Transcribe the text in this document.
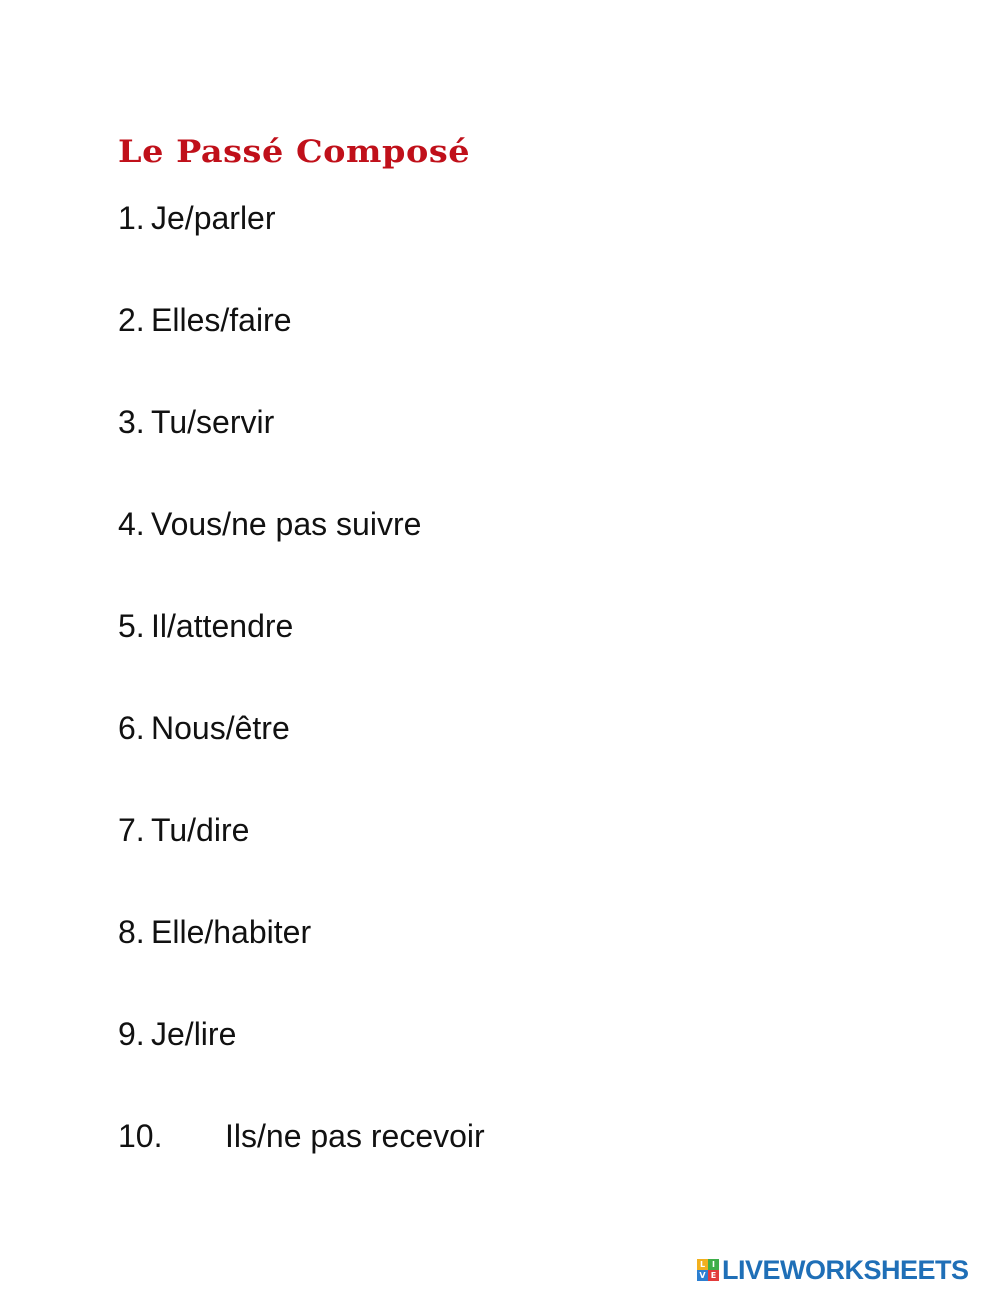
Le Passé Composé
1. Je/parler
2. Elles/faire
3. Tu/servir
4. Vous/ne pas suivre
5. Il/attendre
6. Nous/être
7. Tu/dire
8. Elle/habiter
9. Je/lire
10. Ils/ne pas recevoir
L I
V E LIVEWORKSHEETS
